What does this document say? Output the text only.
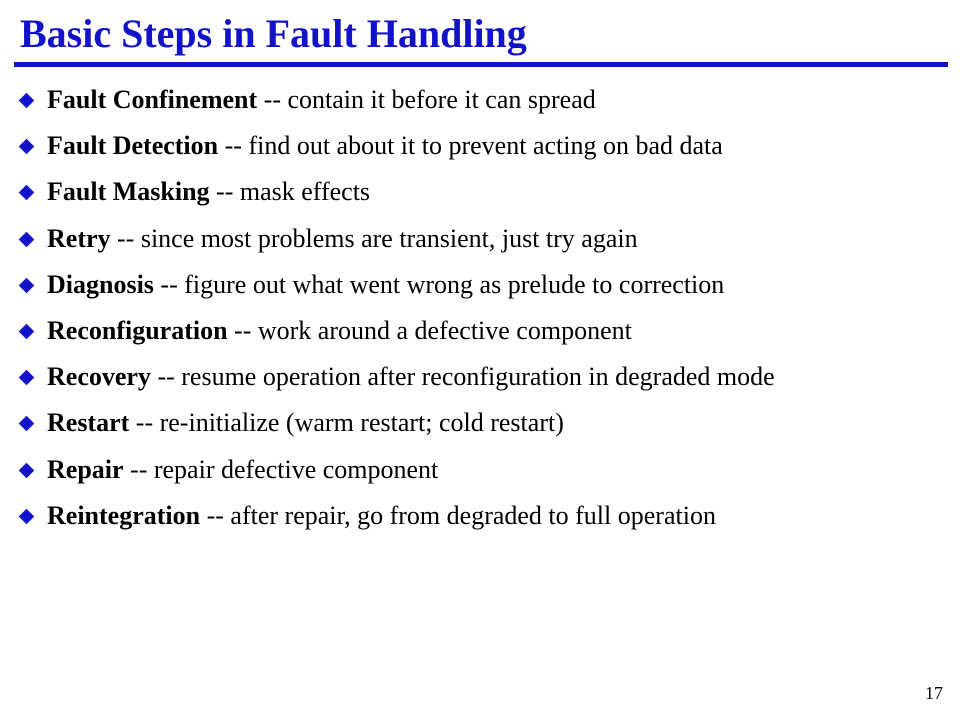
Basic Steps in Fault Handling
Fault Confinement -- contain it before it can spread
Fault Detection -- find out about it to prevent acting on bad data
Fault Masking -- mask effects
Retry -- since most problems are transient, just try again
Diagnosis -- figure out what went wrong as prelude to correction
Reconfiguration -- work around a defective component
Recovery -- resume operation after reconfiguration in degraded mode
Restart -- re-initialize (warm restart; cold restart)
Repair -- repair defective component
Reintegration -- after repair, go from degraded to full operation
17
